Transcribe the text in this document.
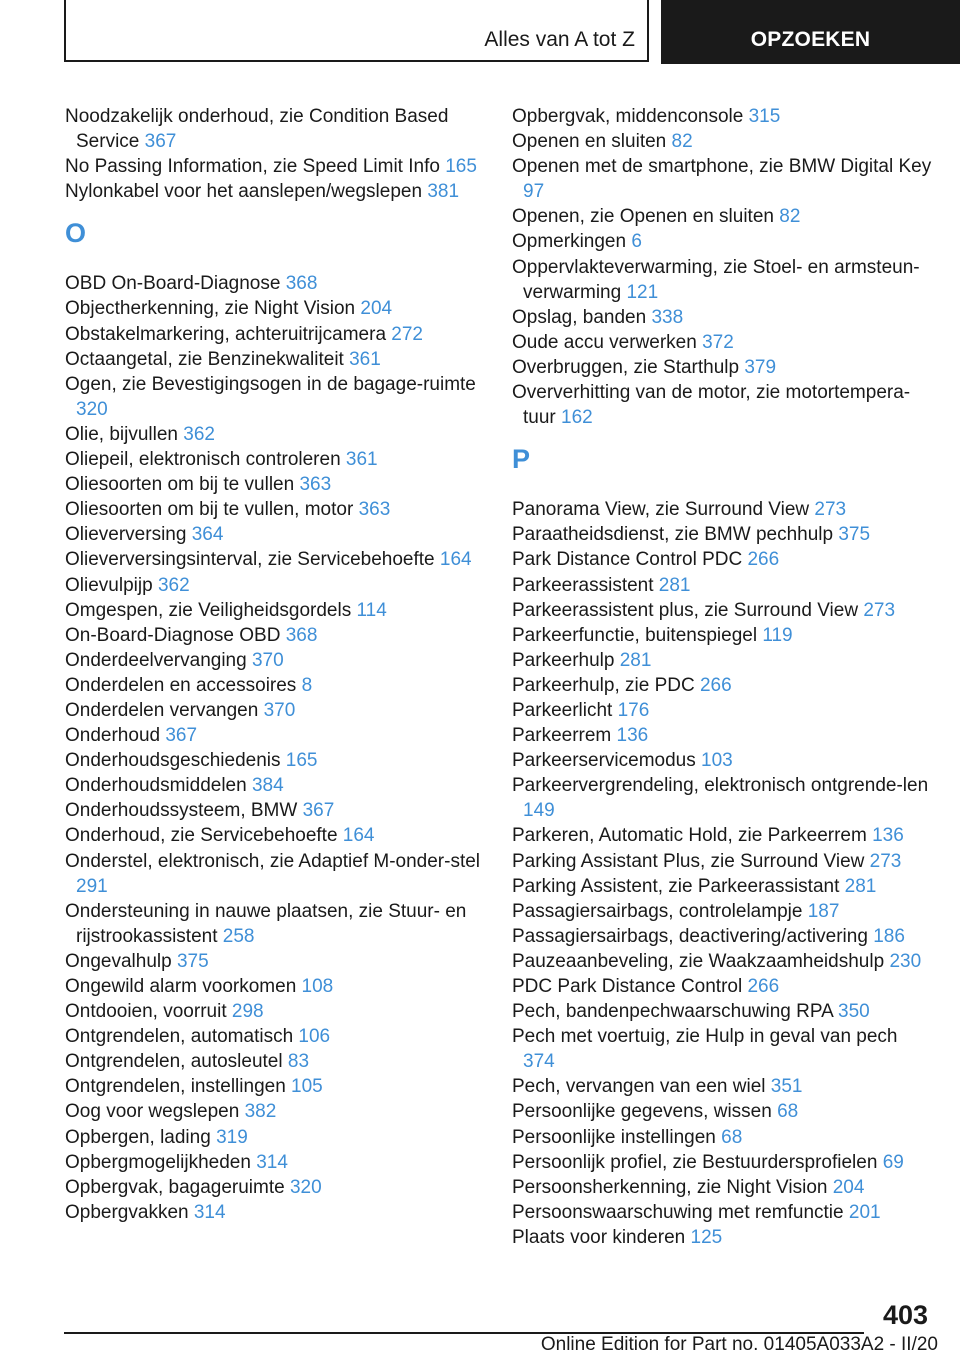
Alles van A tot Z	OPZOEKEN
Noodzakelijk onderhoud, zie Condition Based Service 367
No Passing Information, zie Speed Limit Info 165
Nylonkabel voor het aanslepen/wegslepen 381
O
OBD On-Board-Diagnose 368
Objectherkenning, zie Night Vision 204
Obstakelmarkering, achteruitrijcamera 272
Octaangetal, zie Benzinekwaliteit 361
Ogen, zie Bevestigingsogen in de bagage-ruimte 320
Olie, bijvullen 362
Oliepeil, elektronisch controleren 361
Oliesoorten om bij te vullen 363
Oliesoorten om bij te vullen, motor 363
Olieverversing 364
Olieverversingsinterval, zie Servicebehoefte 164
Olievulpijp 362
Omgespen, zie Veiligheidsgordels 114
On-Board-Diagnose OBD 368
Onderdeelvervanging 370
Onderdelen en accessoires 8
Onderdelen vervangen 370
Onderhoud 367
Onderhoudsgeschiedenis 165
Onderhoudsmiddelen 384
Onderhoudssysteem, BMW 367
Onderhoud, zie Servicebehoefte 164
Onderstel, elektronisch, zie Adaptief M-onder-stel 291
Ondersteuning in nauwe plaatsen, zie Stuur- en rijstrookassistent 258
Ongevalhulp 375
Ongewild alarm voorkomen 108
Ontdooien, voorruit 298
Ontgrendelen, automatisch 106
Ontgrendelen, autosleutel 83
Ontgrendelen, instellingen 105
Oog voor wegslepen 382
Opbergen, lading 319
Opbergmogelijkheden 314
Opbergvak, bagageruimte 320
Opbergvakken 314
Opbergvak, middenconsole 315
Openen en sluiten 82
Openen met de smartphone, zie BMW Digital Key 97
Openen, zie Openen en sluiten 82
Opmerkingen 6
Oppervlakteverwarming, zie Stoel- en armsteun-verwarming 121
Opslag, banden 338
Oude accu verwerken 372
Overbruggen, zie Starthulp 379
Oververhitting van de motor, zie motortempera-tuur 162
P
Panorama View, zie Surround View 273
Paraatheidsdienst, zie BMW pechhulp 375
Park Distance Control PDC 266
Parkeerassistent 281
Parkeerassistent plus, zie Surround View 273
Parkeerfunctie, buitenspiegel 119
Parkeerhulp 281
Parkeerhulp, zie PDC 266
Parkeerlicht 176
Parkeerrem 136
Parkeerservicemodus 103
Parkeervergrendeling, elektronisch ontgrende-len 149
Parkeren, Automatic Hold, zie Parkeerrem 136
Parking Assistant Plus, zie Surround View 273
Parking Assistent, zie Parkeerassistant 281
Passagiersairbags, controlelampje 187
Passagiersairbags, deactivering/activering 186
Pauzeaanbeveling, zie Waakzaamheidshulp 230
PDC Park Distance Control 266
Pech, bandenpechwaarschuwing RPA 350
Pech met voertuig, zie Hulp in geval van pech 374
Pech, vervangen van een wiel 351
Persoonlijke gegevens, wissen 68
Persoonlijke instellingen 68
Persoonlijk profiel, zie Bestuurdersprofielen 69
Persoonsherkenning, zie Night Vision 204
Persoonswaarschuwing met remfunctie 201
Plaats voor kinderen 125
403
Online Edition for Part no. 01405A033A2 - II/20
